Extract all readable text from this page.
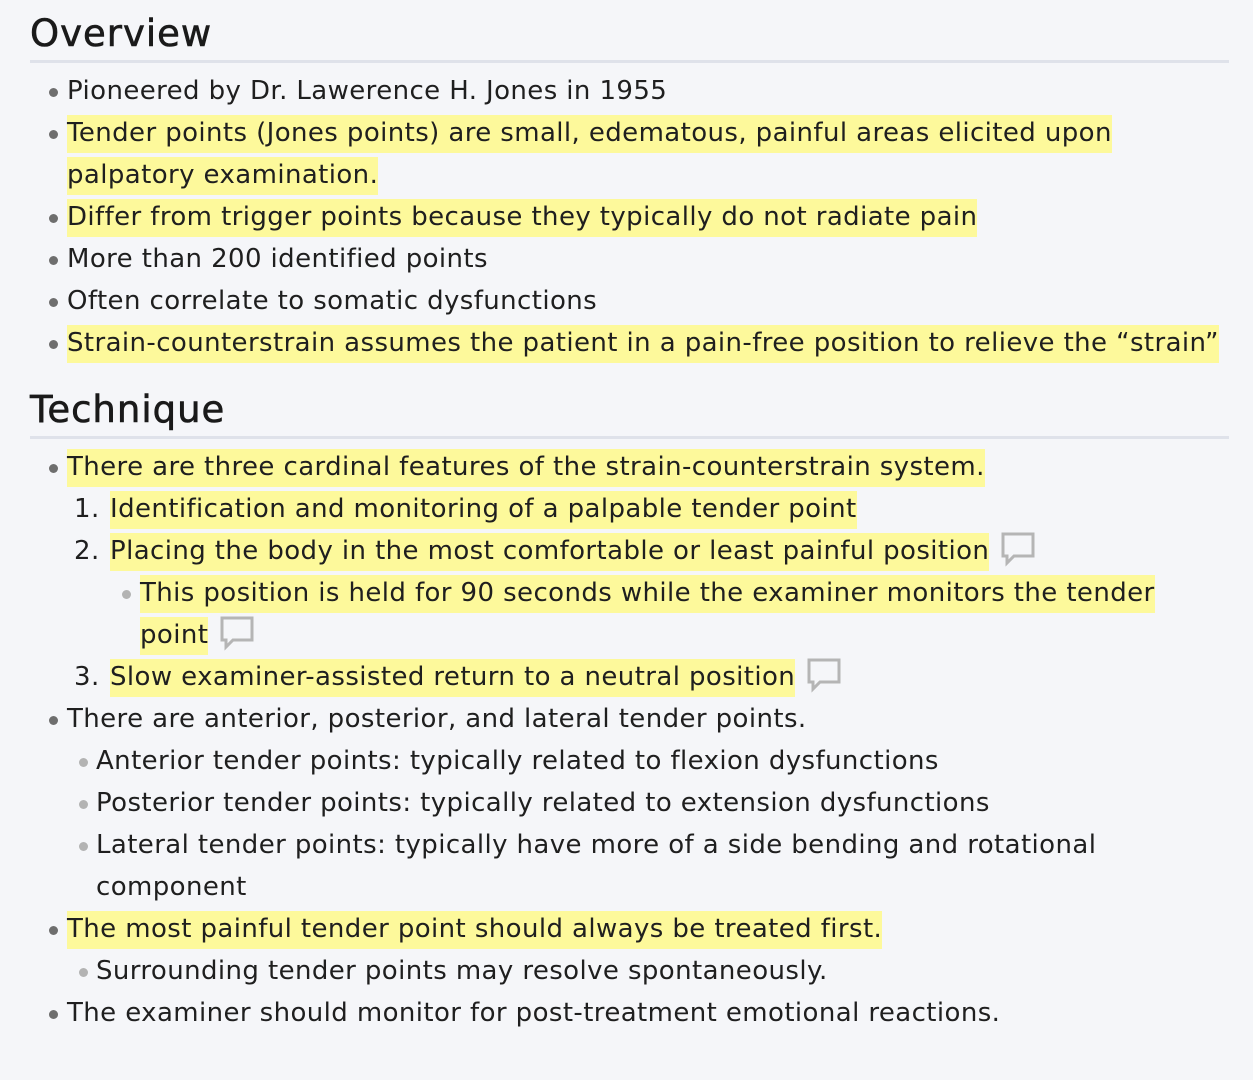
Overview
Pioneered by Dr. Lawerence H. Jones in 1955
Tender points (Jones points) are small, edematous, painful areas elicited upon palpatory examination.
Differ from trigger points because they typically do not radiate pain
More than 200 identified points
Often correlate to somatic dysfunctions
Strain-counterstrain assumes the patient in a pain-free position to relieve the “strain”
Technique
There are three cardinal features of the strain-counterstrain system.
1. Identification and monitoring of a palpable tender point
2. Placing the body in the most comfortable or least painful position
This position is held for 90 seconds while the examiner monitors the tender point
3. Slow examiner-assisted return to a neutral position
There are anterior, posterior, and lateral tender points.
Anterior tender points: typically related to flexion dysfunctions
Posterior tender points: typically related to extension dysfunctions
Lateral tender points: typically have more of a side bending and rotational component
The most painful tender point should always be treated first.
Surrounding tender points may resolve spontaneously.
The examiner should monitor for post-treatment emotional reactions.
